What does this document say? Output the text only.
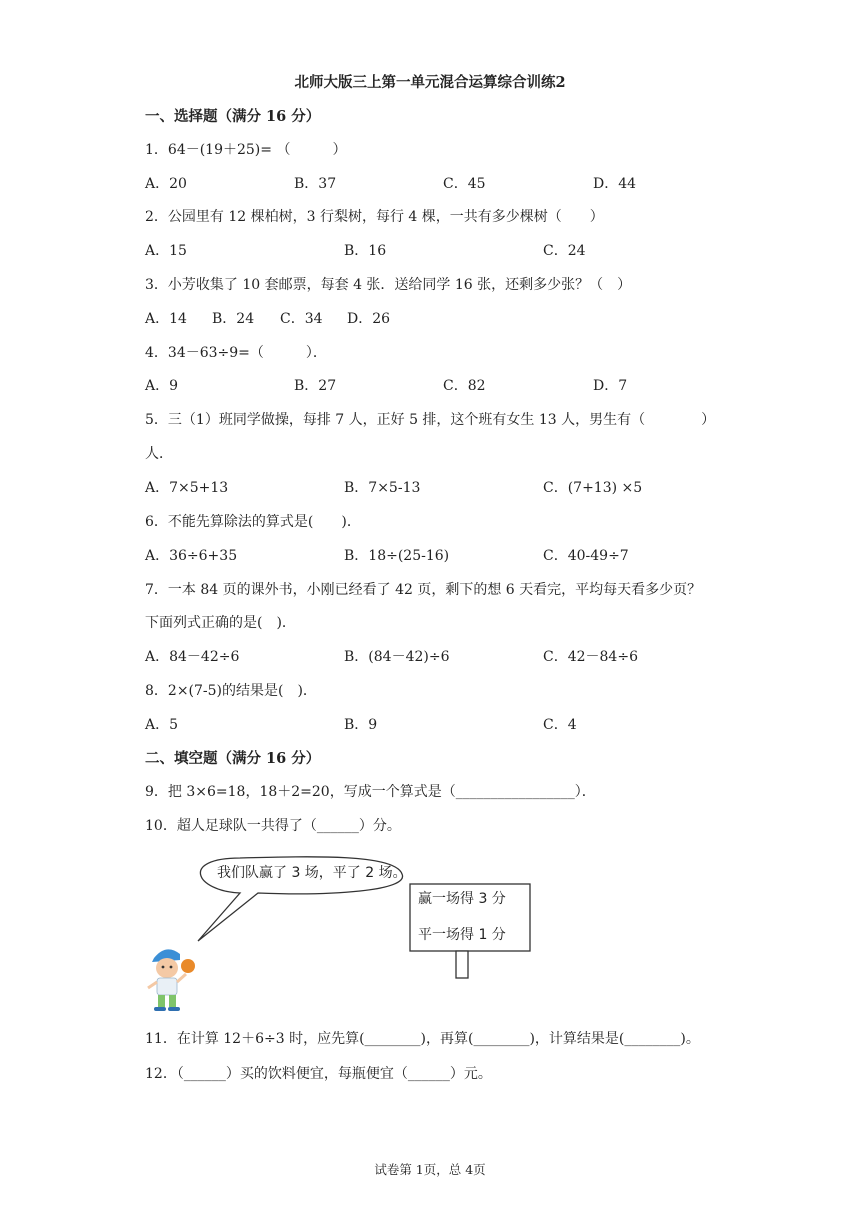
北师大版三上第一单元混合运算综合训练2
一、选择题（满分 16 分）
1．64－(19＋25)= （　　　）
A．20	B．37	C．45	D．44
2．公园里有 12 棵柏树，3 行梨树，每行 4 棵，一共有多少棵树（　　）
A．15	B．16	C．24
3．小芳收集了 10 套邮票，每套 4 张．送给同学 16 张，还剩多少张？（　）
A．14 B．24 C．34 D．26
4．34－63÷9=（　　　）．
A．9	B．27	C．82	D．7
5．三（1）班同学做操，每排 7 人，正好 5 排，这个班有女生 13 人，男生有（　　　　）
人．
A．7×5+13	B．7×5-13	C．(7+13) ×5
6．不能先算除法的算式是(　　)．
A．36÷6+35	B．18÷(25-16)	C．40-49÷7
7．一本 84 页的课外书，小刚已经看了 42 页，剩下的想 6 天看完，平均每天看多少页？
下面列式正确的是(　)．
A．84－42÷6	B．(84－42)÷6	C．42－84÷6
8．2×(7-5)的结果是(　)．
A．5	B．9	C．4
二、填空题（满分 16 分）
9．把 3×6=18，18＋2=20，写成一个算式是（_________________）．
10．超人足球队一共得了（______）分。
我们队赢了 3 场，平了 2 场。
赢一场得 3 分
平一场得 1 分
11．在计算 12＋6÷3 时，应先算(________)，再算(________)，计算结果是(________)。
12．（______）买的饮料便宜，每瓶便宜（______）元。
试卷第 1页，总 4页
